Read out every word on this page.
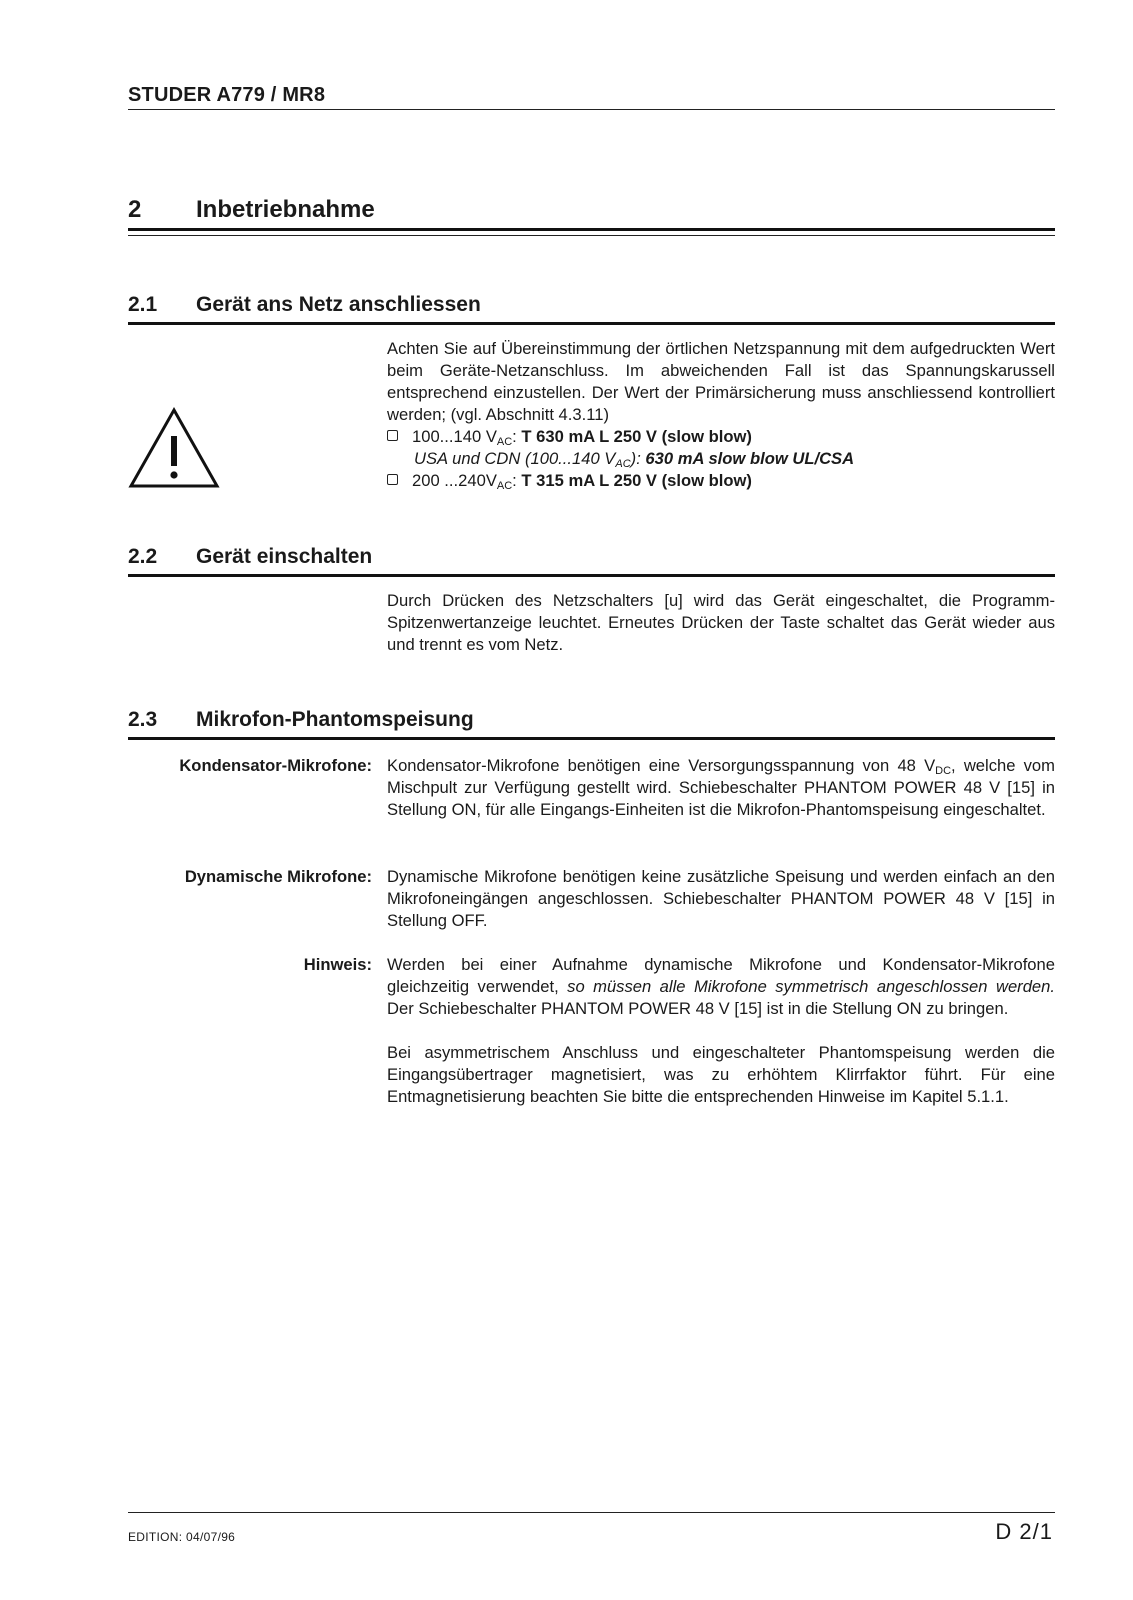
STUDER A779 / MR8
2 Inbetriebnahme
2.1 Gerät ans Netz anschliessen

Achten Sie auf Übereinstimmung der örtlichen Netzspannung mit dem aufgedruckten Wert beim Geräte-Netzanschluss. Im abweichenden Fall ist das Spannungskarussell entsprechend einzustellen. Der Wert der Primärsicherung muss anschliessend kontrolliert werden; (vgl. Abschnitt 4.3.11)

100...140 $V_{AC}$: T 630 mA L 250 V (slow blow)
USA und CDN (100...140 $V_{AC}$): 630 mA slow blow UL/CSA
200 $...240V_{AC}$: T 315 mA L 250 V (slow blow)
2.2 Gerät einschalten

Durch Drücken des Netzschalters [u] wird das Gerät eingeschaltet, die Programm-Spitzenwertanzeige leuchtet. Erneutes Drücken der Taste schaltet das Gerät wieder aus und trennt es vom Netz.

2.3 Mikrofon-Phantomspeisung
Kondensator-Mikrofone: Kondensator-Mikrofone benötigen eine Versorgungsspannung von 48 $V_{DC}$, welche vom Mischpult zur Verfügung gestellt wird. Schiebeschalter PHANTOM POWER 48 V [15] in Stellung ON, für alle Eingangs-Einheiten ist die Mikrofon-Phantomspeisung eingeschaltet.

Dynamische Mikrofone: Dynamische Mikrofone benötigen keine zusätzliche Speisung und werden einfach an den Mikrofoneingängen angeschlossen. Schiebeschalter PHANTOM POWER 48 V [15] in Stellung OFF.

Hinweis: Werden bei einer Aufnahme dynamische Mikrofone und Kondensator-Mikrofone gleichzeitig verwendet, so müssen alle Mikrofone symmetrisch angeschlossen werden. Der Schiebeschalter PHANTOM POWER 48 V [15] ist in die Stellung ON zu bringen.

Bei asymmetrischem Anschluss und eingeschalteter Phantomspeisung werden die Eingangsübertrager magnetisiert, was zu erhöhtem Klirrfaktor führt. Für eine Entmagnetisierung beachten Sie bitte die entsprechenden Hinweise im Kapitel 5.1.1.

EDITION: 04/07/96	D 2/1
